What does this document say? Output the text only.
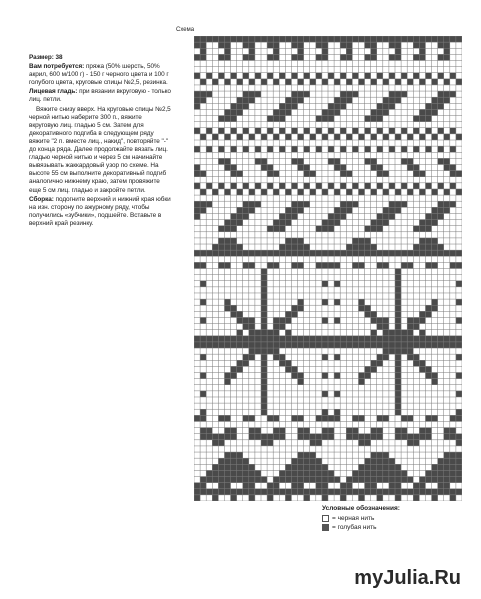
Размер: 38

Вам потребуется: пряжа (50% шерсть, 50% акрил, 600 м/100 г) - 150 г черного цвета и 100 г голубого цвета, круговые спицы №2,5, резинка.

Лицевая гладь: при вязании вкруговую - только лиц. петли.

Вяжите снизу вверх. На круговые спицы №2,5 черной нитью наберите 300 п., вяжите вкруговую лиц. гладью 5 см. Затем для декоративного подгиба в следующем ряду вяжите "2 п. вместе лиц., накид", повторяйте "-" до конца ряда. Далее продолжайте вязать лиц. гладью черной нитью и через 5 см начинайте вывязывать жаккардовый узор по схеме. На высоте 55 см выполните декоративный подгиб аналогично нижнему краю, затем провяжите еще 5 см лиц. гладью и закройте петли.

Сборка: подогните верхний и нижний края юбки на изн. сторону по ажурному ряду, чтобы получились «зубчики», подшейте. Вставьте в верхний край резинку.

Схема
Условные обозначения:
= черная нить
= голубая нить
myJulia.Ru
